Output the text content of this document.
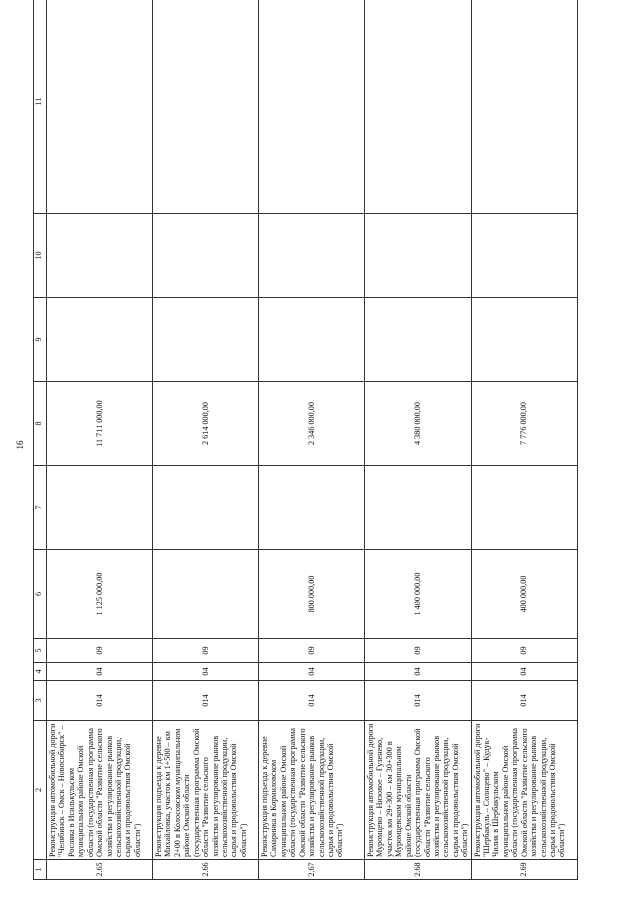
16
1	2	3	4	5	6	7	8	9	10	11
2.65	Реконструкция автомобильной дороги "Челябинск – Омск – Новосибирск" – Росляка в Исилькульском муниципальном районе Омской области (государственная программа Омской области "Развитие сельского хозяйства и регулирование рынков сельскохозяйственной продукции, сырья и продовольствия Омской области")	014	04	09	1 125 000,00		11 711 000,00			
2.66	Реконструкция подъезда к деревне Михайловка, участок км 1+500 – км 2+00 в Колосовском муниципальном районе Омской области (государственная программа Омской области "Развитие сельского хозяйства и регулирование рынков сельскохозяйственной продукции, сырья и продовольствия Омской области")	014	04	09			2 614 000,00			
2.67	Реконструкция подъезда к деревне Самаринка в Кормиловском муниципальном районе Омской области (государственная программа Омской области "Развитие сельского хозяйства и регулирование рынков сельскохозяйственной продукции, сырья и продовольствия Омской области")	014	04	09	800 000,00		2 346 000,00			
2.68	Реконструкция автомобильной дороги Муромцево – Низовое – Гузенево, участок км 29+300 – км 30+300 в Муромцевском муниципальном районе Омской области (государственная программа Омской области "Развитие сельского хозяйства и регулирование рынков сельскохозяйственной продукции, сырья и продовольствия Омской области")	014	04	09	1 400 000,00		4 380 000,00			
2.69	Реконструкция автомобильной дороги "Шербакуль – Солнцево" – Кудук-Чилик в Шербакульском муниципальном районе Омской области (государственная программа Омской области "Развитие сельского хозяйства и регулирование рынков сельскохозяйственной продукции, сырья и продовольствия Омской области")	014	04	09	400 000,00		7 776 000,00			
